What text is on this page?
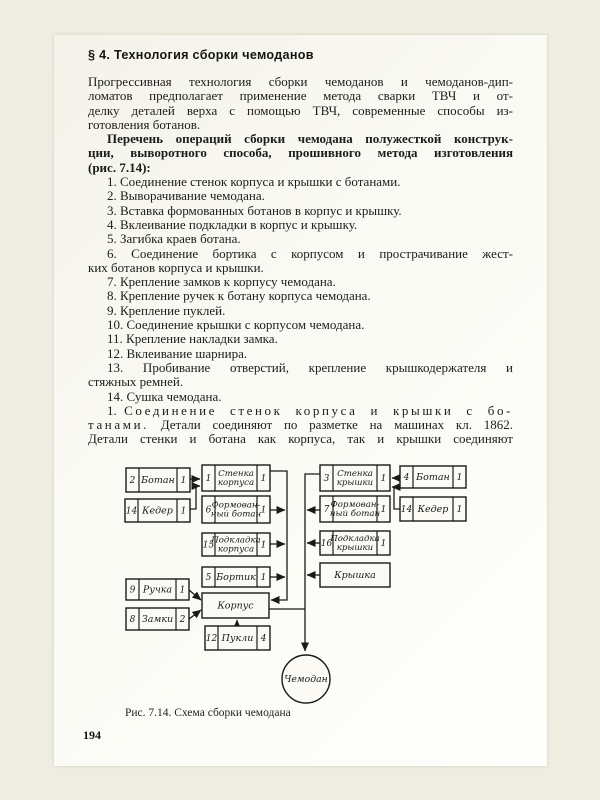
§ 4. Технология сборки чемоданов

Прогрессивная технология сборки чемоданов и чемоданов-дип-
ломатов предполагает применение метода сварки ТВЧ и от-
делку деталей верха с помощью ТВЧ, современные способы из-
готовления ботанов.

Перечень операций сборки чемодана полужесткой конструк-
ции, выворотного способа, прошивного метода изготовления
(рис. 7.14):

1. Соединение стенок корпуса и крышки с ботанами.

2. Выворачивание чемодана.

3. Вставка формованных ботанов в корпус и крышку.

4. Вклеивание подкладки в корпус и крышку.

5. Загибка краев ботана.

6. Соединение бортика с корпусом и прострачивание жест-
ких ботанов корпуса и крышки.

7. Крепление замков к корпусу чемодана.

8. Крепление ручек к ботану корпуса чемодана.

9. Крепление пуклей.

10. Соединение крышки с корпусом чемодана.

11. Крепление накладки замка.

12. Вклеивание шарнира.

13. Пробивание отверстий, крепление крышкодержателя и
стяжных ремней.

14. Сушка чемодана.

1. Соединение стенок корпуса и крышки с бо-
танами. Детали соединяют по разметке на машинах кл. 1862.
Детали стенки и ботана как корпуса, так и крышки соединяют

2	1
Ботан
14	1
Кедер
1	1
Стенка
корпуса
6	1
Формован-
ный ботан
15	1
Подкладка
корпуса
5	1
Бортик
9	1
Ручка
8	2
Замки
Корпус
12	4
Пукли
3	1
Стенка
крышки
4	1
Ботан
14	1
Кедер
7	1
Формован-
ный ботан
16	1
Подкладка
крышки
Крышка
Чемодан
Рис. 7.14. Схема сборки чемодана
194
